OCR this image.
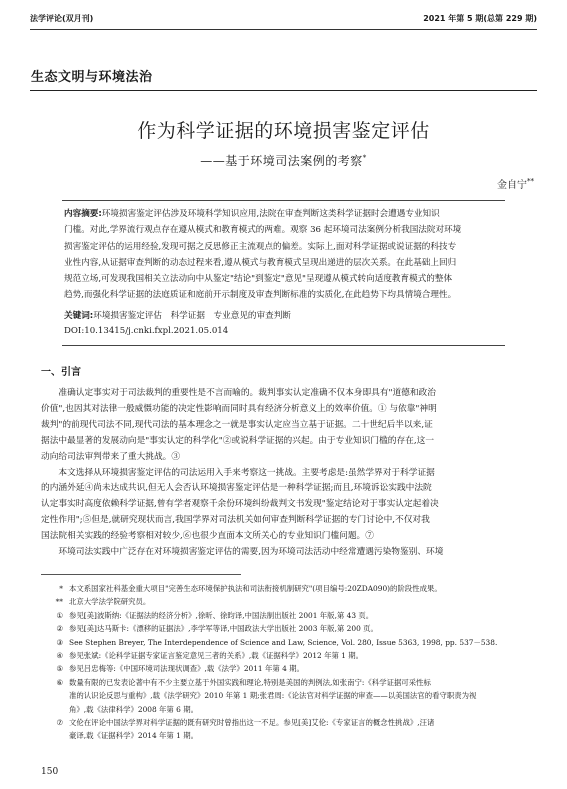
法学评论(双月刊)	2021 年第 5 期(总第 229 期)
生态文明与环境法治
作为科学证据的环境损害鉴定评估
——基于环境司法案例的考察*
金自宁**
内容摘要:环境损害鉴定评估涉及环境科学知识应用,法院在审查判断这类科学证据时会遭遇专业知识
门槛。对此,学界流行观点存在遵从模式和教育模式的两难。观察 36 起环境司法案例分析我国法院对环境
损害鉴定评估的运用经验,发现可据之反思修正主流观点的偏差。实际上,面对科学证据或说证据的科技专
业性内容,从证据审查判断的动态过程来看,遵从模式与教育模式呈现出递进的层次关系。在此基础上回归
规范立场,可发现我国相关立法动向中从鉴定"结论"到鉴定"意见"呈现遵从模式转向适度教育模式的整体
趋势,而强化科学证据的法庭质证和庭前开示制度及审查判断标准的实质化,在此趋势下均具情境合理性。
关键词:环境损害鉴定评估　科学证据　专业意见的审查判断
DOI:10.13415/j.cnki.fxpl.2021.05.014
一、引言
　　准确认定事实对于司法裁判的重要性是不言而喻的。裁判事实认定准确不仅本身即具有"道德和政治
价值",也因其对法律一般威慑功能的决定性影响而同时具有经济分析意义上的效率价值。① 与依靠"神明
裁判"的前现代司法不同,现代司法的基本理念之一就是事实认定应当立基于证据。二十世纪后半以来,证
据法中最显著的发展动向是"事实认定的科学化"②或说科学证据的兴起。由于专业知识门槛的存在,这一
动向给司法审判带来了重大挑战。③
　　本文选择从环境损害鉴定评估的司法运用入手来考察这一挑战。主要考虑是:虽然学界对于科学证据
的内涵外延④尚未达成共识,但无人会否认环境损害鉴定评估是一种科学证据;而且,环境诉讼实践中法院
认定事实时高度依赖科学证据,曾有学者观察千余份环境纠纷裁判文书发现"鉴定结论对于事实认定起着决
定性作用";⑤但是,就研究现状而言,我国学界对司法机关如何审查判断科学证据的专门讨论中,不仅对我
国法院相关实践的经验考察相对较少,⑥也很少直面本文所关心的专业知识门槛问题。⑦
　　环境司法实践中广泛存在对环境损害鉴定评估的需要,因为环境司法活动中经常遭遇污染物鉴别、环境
* 本文系国家社科基金重大项目"完善生态环境保护执法和司法衔接机制研究"(项目编号:20ZDA090)的阶段性成果。
** 北京大学法学院研究员。
① 参见[美]波斯纳:《证据法的经济分析》,徐昕、徐昀译,中国法制出版社 2001 年版,第 43 页。
② 参见[美]达马斯卡:《漂移的证据法》,李学军等译,中国政法大学出版社 2003 年版,第 200 页。
③ See Stephen Breyer, The Interdependence of Science and Law, Science, Vol. 280, Issue 5363, 1998, pp. 537－538.
④ 参见张斌:《论科学证据专家证言鉴定意见三者的关系》,载《证据科学》2012 年第 1 期。
⑤ 参见吕忠梅等:《中国环境司法现状调查》,载《法学》2011 年第 4 期。
⑥ 数量有限的已发表论著中有不少主要立基于外国实践和理论,特别是美国的判例法,如张南宁:《科学证据可采性标
准的认识论反思与重构》,载《法学研究》2010 年第 1 期;张君周:《论法官对科学证据的审查——以美国法官的看守职责为视
角》,载《法律科学》2008 年第 6 期。
⑦ 文伦在评论中国法学界对科学证据的既有研究时曾指出这一不足。参见[美]艾伦:《专家证言的概念性挑战》,汪诸
豪译,载《证据科学》2014 年第 1 期。
150
